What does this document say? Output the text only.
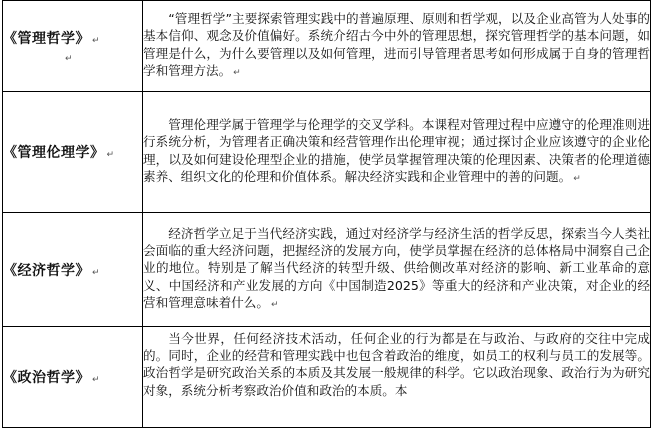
《管理哲学》 ↵
↵	“管理哲学”主要探索管理实践中的普遍原理、原则和哲学观，以及企业高管为人处事的基本信仰、观念及价值偏好。系统介绍古今中外的管理思想，探究管理哲学的基本问题，如管理是什么，为什么要管理以及如何管理，进而引导管理者思考如何形成属于自身的管理哲学和管理方法。 ↵

《管理伦理学》 ↵	管理伦理学属于管理学与伦理学的交叉学科。本课程对管理过程中应遵守的伦理准则进行系统分析，为管理者正确决策和经营管理作出伦理审视；通过探讨企业应该遵守的企业伦理，以及如何建设伦理型企业的措施，使学员掌握管理决策的伦理因素、决策者的伦理道德素养、组织文化的伦理和价值体系。解决经济实践和企业管理中的善的问题。 ↵

《经济哲学》 ↵	经济哲学立足于当代经济实践，通过对经济学与经济生活的哲学反思，探索当今人类社会面临的重大经济问题，把握经济的发展方向，使学员掌握在经济的总体格局中洞察自己企业的地位。特别是了解当代经济的转型升级、供给侧改革对经济的影响、新工业革命的意义、中国经济和产业发展的方向《中国制造2025》等重大的经济和产业决策，对企业的经营和管理意味着什么。 ↵

《政治哲学》 ↵	当今世界，任何经济技术活动，任何企业的行为都是在与政治、与政府的交往中完成的。同时，企业的经营和管理实践中也包含着政治的维度，如员工的权利与员工的发展等。政治哲学是研究政治关系的本质及其发展一般规律的科学。它以政治现象、政治行为为研究对象，系统分析考察政治价值和政治的本质。本
